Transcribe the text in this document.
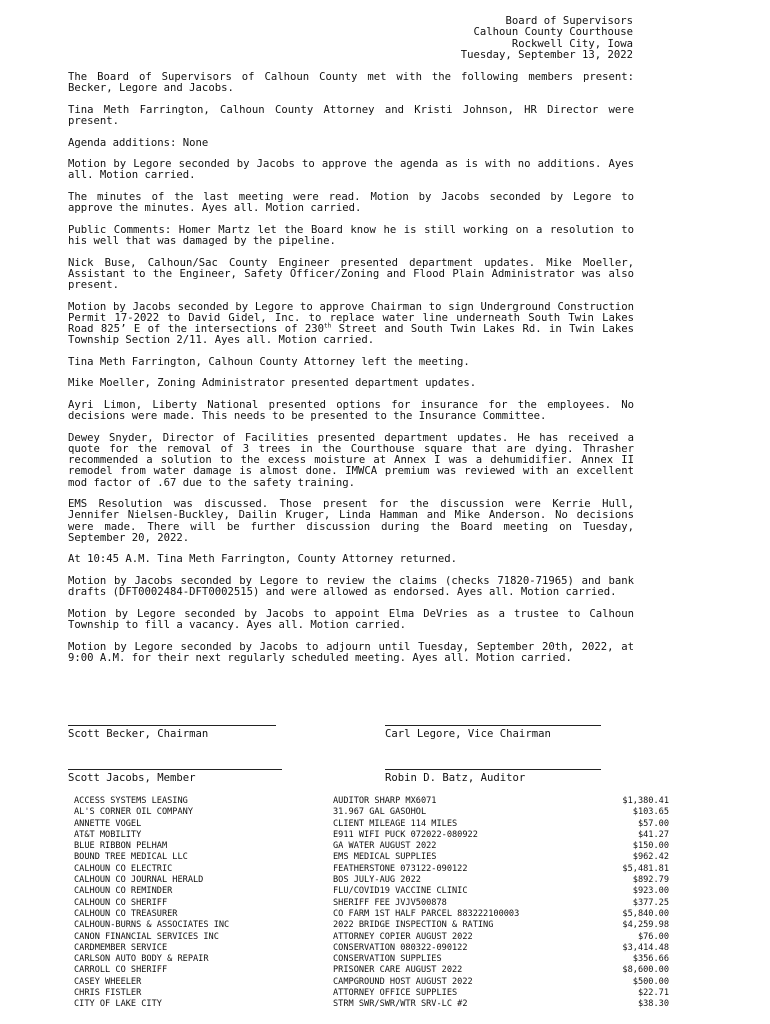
Board of Supervisors
Calhoun County Courthouse
Rockwell City, Iowa
Tuesday, September 13, 2022

The Board of Supervisors of Calhoun County met with the following members present: Becker, Legore and Jacobs.

Tina Meth Farrington, Calhoun County Attorney and Kristi Johnson, HR Director were present.

Agenda additions: None

Motion by Legore seconded by Jacobs to approve the agenda as is with no additions. Ayes all. Motion carried.

The minutes of the last meeting were read. Motion by Jacobs seconded by Legore to approve the minutes. Ayes all. Motion carried.

Public Comments: Homer Martz let the Board know he is still working on a resolution to his well that was damaged by the pipeline.

Nick Buse, Calhoun/Sac County Engineer presented department updates. Mike Moeller, Assistant to the Engineer, Safety Officer/Zoning and Flood Plain Administrator was also present.

Motion by Jacobs seconded by Legore to approve Chairman to sign Underground Construction Permit 17-2022 to David Gidel, Inc. to replace water line underneath South Twin Lakes Road 825’ E of the intersections of 230th Street and South Twin Lakes Rd. in Twin Lakes Township Section 2/11. Ayes all. Motion carried.

Tina Meth Farrington, Calhoun County Attorney left the meeting.

Mike Moeller, Zoning Administrator presented department updates.

Ayri Limon, Liberty National presented options for insurance for the employees. No decisions were made. This needs to be presented to the Insurance Committee.

Dewey Snyder, Director of Facilities presented department updates. He has received a quote for the removal of 3 trees in the Courthouse square that are dying. Thrasher recommended a solution to the excess moisture at Annex I was a dehumidifier. Annex II remodel from water damage is almost done. IMWCA premium was reviewed with an excellent mod factor of .67 due to the safety training.

EMS Resolution was discussed. Those present for the discussion were Kerrie Hull, Jennifer Nielsen-Buckley, Dailin Kruger, Linda Hamman and Mike Anderson. No decisions were made. There will be further discussion during the Board meeting on Tuesday, September 20, 2022.

At 10:45 A.M. Tina Meth Farrington, County Attorney returned.

Motion by Jacobs seconded by Legore to review the claims (checks 71820-71965) and bank drafts (DFT0002484-DFT0002515) and were allowed as endorsed. Ayes all. Motion carried.

Motion by Legore seconded by Jacobs to appoint Elma DeVries as a trustee to Calhoun Township to fill a vacancy. Ayes all. Motion carried.

Motion by Legore seconded by Jacobs to adjourn until Tuesday, September 20th, 2022, at 9:00 A.M. for their next regularly scheduled meeting. Ayes all. Motion carried.

Scott Becker, Chairman	Carl Legore, Vice Chairman
Scott Jacobs, Member	Robin D. Batz, Auditor
ACCESS SYSTEMS LEASING	AUDITOR SHARP MX6071	$1,380.41
AL'S CORNER OIL COMPANY	31.967 GAL GASOHOL	$103.65
ANNETTE VOGEL	CLIENT MILEAGE 114 MILES	$57.00
AT&T MOBILITY	E911 WIFI PUCK 072022-080922	$41.27
BLUE RIBBON PELHAM	GA WATER AUGUST 2022	$150.00
BOUND TREE MEDICAL LLC	EMS MEDICAL SUPPLIES	$962.42
CALHOUN CO ELECTRIC	FEATHERSTONE 073122-090122	$5,481.81
CALHOUN CO JOURNAL HERALD	BOS JULY-AUG 2022	$892.79
CALHOUN CO REMINDER	FLU/COVID19 VACCINE CLINIC	$923.00
CALHOUN CO SHERIFF	SHERIFF FEE JVJV500878	$377.25
CALHOUN CO TREASURER	CO FARM 1ST HALF PARCEL 883222100003	$5,840.00
CALHOUN-BURNS & ASSOCIATES INC	2022 BRIDGE INSPECTION & RATING	$4,259.98
CANON FINANCIAL SERVICES INC	ATTORNEY COPIER AUGUST 2022	$76.00
CARDMEMBER SERVICE	CONSERVATION 080322-090122	$3,414.48
CARLSON AUTO BODY & REPAIR	CONSERVATION SUPPLIES	$356.66
CARROLL CO SHERIFF	PRISONER CARE AUGUST 2022	$8,600.00
CASEY WHEELER	CAMPGROUND HOST AUGUST 2022	$500.00
CHRIS FISTLER	ATTORNEY OFFICE SUPPLIES	$22.71
CITY OF LAKE CITY	STRM SWR/SWR/WTR SRV-LC #2	$38.30
